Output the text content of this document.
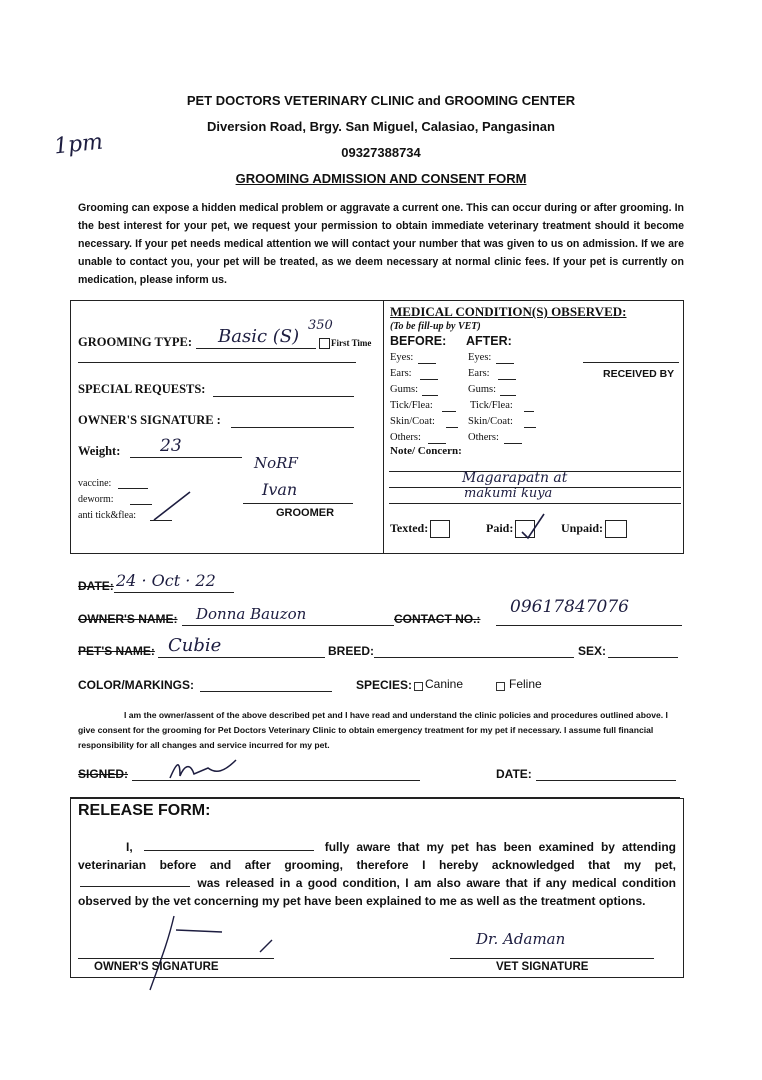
1pm
PET DOCTORS VETERINARY CLINIC and GROOMING CENTER
Diversion Road, Brgy. San Miguel, Calasiao, Pangasinan
09327388734
GROOMING ADMISSION AND CONSENT FORM
Grooming can expose a hidden medical problem or aggravate a current one. This can occur during or after grooming. In the best interest for your pet, we request your permission to obtain immediate veterinary treatment should it become necessary. If your pet needs medical attention we will contact your number that was given to us on admission. If we are unable to contact you, your pet will be treated, as we deem necessary at normal clinic fees. If your pet is currently on medication, please inform us.
GROOMING TYPE: Basic (S)
350
First Time
SPECIAL REQUESTS:
OWNER'S SIGNATURE :
Weight: 23
NoRF
vaccine:
deworm:
anti tick&flea:
Ivan
GROOMER
MEDICAL CONDITION(S) OBSERVED:
(To be fill-up by VET)
BEFORE: AFTER:
Eyes:	Eyes:
Ears:	Ears:
Gums:	Gums:
Tick/Flea:	Tick/Flea:
Skin/Coat:	Skin/Coat:
Others:	Others:
RECEIVED BY
Note/ Concern:
Magarapatn at
makumi kuya
Texted:	Paid:	Unpaid:
DATE: 24 · Oct · 22
OWNER'S NAME: Donna Bauzon	CONTACT NO.:
09617847076
PET'S NAME: Cubie	BREED:	SEX:
COLOR/MARKINGS:	SPECIES: Canine	Feline
I am the owner/assent of the above described pet and I have read and understand the clinic policies and procedures outlined above. I give consent for the grooming for Pet Doctors Veterinary Clinic to obtain emergency treatment for my pet if necessary. I assume full financial responsibility for all changes and service incurred for my pet.
SIGNED:	DATE:
RELEASE FORM:
I,	fully aware that my pet has been examined by attending veterinarian before and after grooming, therefore I hereby acknowledged that my pet,  was released in a good condition, I am also aware that if any medical condition observed by the vet concerning my pet have been explained to me as well as the treatment options.
OWNER'S SIGNATURE
Dr. Adaman
VET SIGNATURE
